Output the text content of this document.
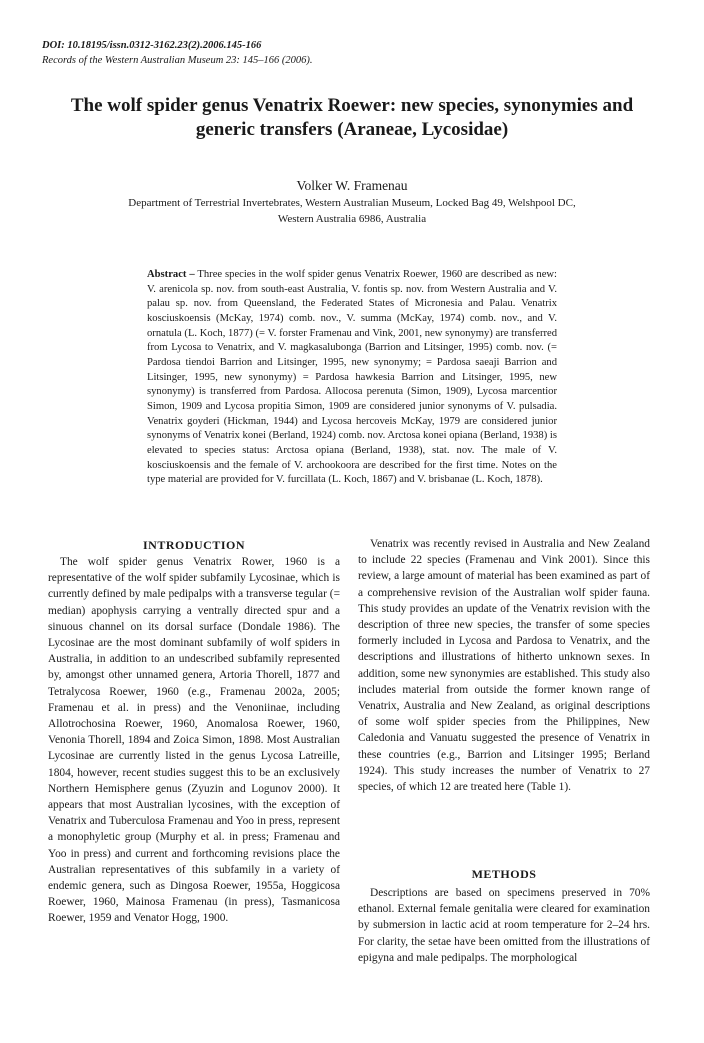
DOI: 10.18195/issn.0312-3162.23(2).2006.145-166
Records of the Western Australian Museum 23: 145–166 (2006).
The wolf spider genus Venatrix Roewer: new species, synonymies and generic transfers (Araneae, Lycosidae)
Volker W. Framenau
Department of Terrestrial Invertebrates, Western Australian Museum, Locked Bag 49, Welshpool DC, Western Australia 6986, Australia

Abstract – Three species in the wolf spider genus Venatrix Roewer, 1960 are described as new: V. arenicola sp. nov. from south-east Australia, V. fontis sp. nov. from Western Australia and V. palau sp. nov. from Queensland, the Federated States of Micronesia and Palau. Venatrix kosciuskoensis (McKay, 1974) comb. nov., V. summa (McKay, 1974) comb. nov., and V. ornatula (L. Koch, 1877) (= V. forster Framenau and Vink, 2001, new synonymy) are transferred from Lycosa to Venatrix, and V. magkasalubonga (Barrion and Litsinger, 1995) comb. nov. (= Pardosa tiendoi Barrion and Litsinger, 1995, new synonymy; = Pardosa saeaji Barrion and Litsinger, 1995, new synonymy) = Pardosa hawkesia Barrion and Litsinger, 1995, new synonymy) is transferred from Pardosa. Allocosa perenuta (Simon, 1909), Lycosa marcentior Simon, 1909 and Lycosa propitia Simon, 1909 are considered junior synonyms of V. pulsadia. Venatrix goyderi (Hickman, 1944) and Lycosa hercoveis McKay, 1979 are considered junior synonyms of Venatrix konei (Berland, 1924) comb. nov. Arctosa konei opiana (Berland, 1938) is elevated to species status: Arctosa opiana (Berland, 1938), stat. nov. The male of V. kosciuskoensis and the female of V. archookoora are described for the first time. Notes on the type material are provided for V. furcillata (L. Koch, 1867) and V. brisbanae (L. Koch, 1878).

INTRODUCTION

The wolf spider genus Venatrix Rower, 1960 is a representative of the wolf spider subfamily Lycosinae, which is currently defined by male pedipalps with a transverse tegular (= median) apophysis carrying a ventrally directed spur and a sinuous channel on its dorsal surface (Dondale 1986). The Lycosinae are the most dominant subfamily of wolf spiders in Australia, in addition to an undescribed subfamily represented by, amongst other unnamed genera, Artoria Thorell, 1877 and Tetralycosa Roewer, 1960 (e.g., Framenau 2002a, 2005; Framenau et al. in press) and the Venoniinae, including Allotrochosina Roewer, 1960, Anomalosa Roewer, 1960, Venonia Thorell, 1894 and Zoica Simon, 1898. Most Australian Lycosinae are currently listed in the genus Lycosa Latreille, 1804, however, recent studies suggest this to be an exclusively Northern Hemisphere genus (Zyuzin and Logunov 2000). It appears that most Australian lycosines, with the exception of Venatrix and Tuberculosa Framenau and Yoo in press, represent a monophyletic group (Murphy et al. in press; Framenau and Yoo in press) and current and forthcoming revisions place the Australian representatives of this subfamily in a variety of endemic genera, such as Dingosa Roewer, 1955a, Hoggicosa Roewer, 1960, Mainosa Framenau (in press), Tasmanicosa Roewer, 1959 and Venator Hogg, 1900.

Venatrix was recently revised in Australia and New Zealand to include 22 species (Framenau and Vink 2001). Since this review, a large amount of material has been examined as part of a comprehensive revision of the Australian wolf spider fauna. This study provides an update of the Venatrix revision with the description of three new species, the transfer of some species formerly included in Lycosa and Pardosa to Venatrix, and the descriptions and illustrations of hitherto unknown sexes. In addition, some new synonymies are established. This study also includes material from outside the former known range of Venatrix, Australia and New Zealand, as original descriptions of some wolf spider species from the Philippines, New Caledonia and Vanuatu suggested the presence of Venatrix in these countries (e.g., Barrion and Litsinger 1995; Berland 1924). This study increases the number of Venatrix to 27 species, of which 12 are treated here (Table 1).

METHODS

Descriptions are based on specimens preserved in 70% ethanol. External female genitalia were cleared for examination by submersion in lactic acid at room temperature for 2–24 hrs. For clarity, the setae have been omitted from the illustrations of epigyna and male pedipalps. The morphological
